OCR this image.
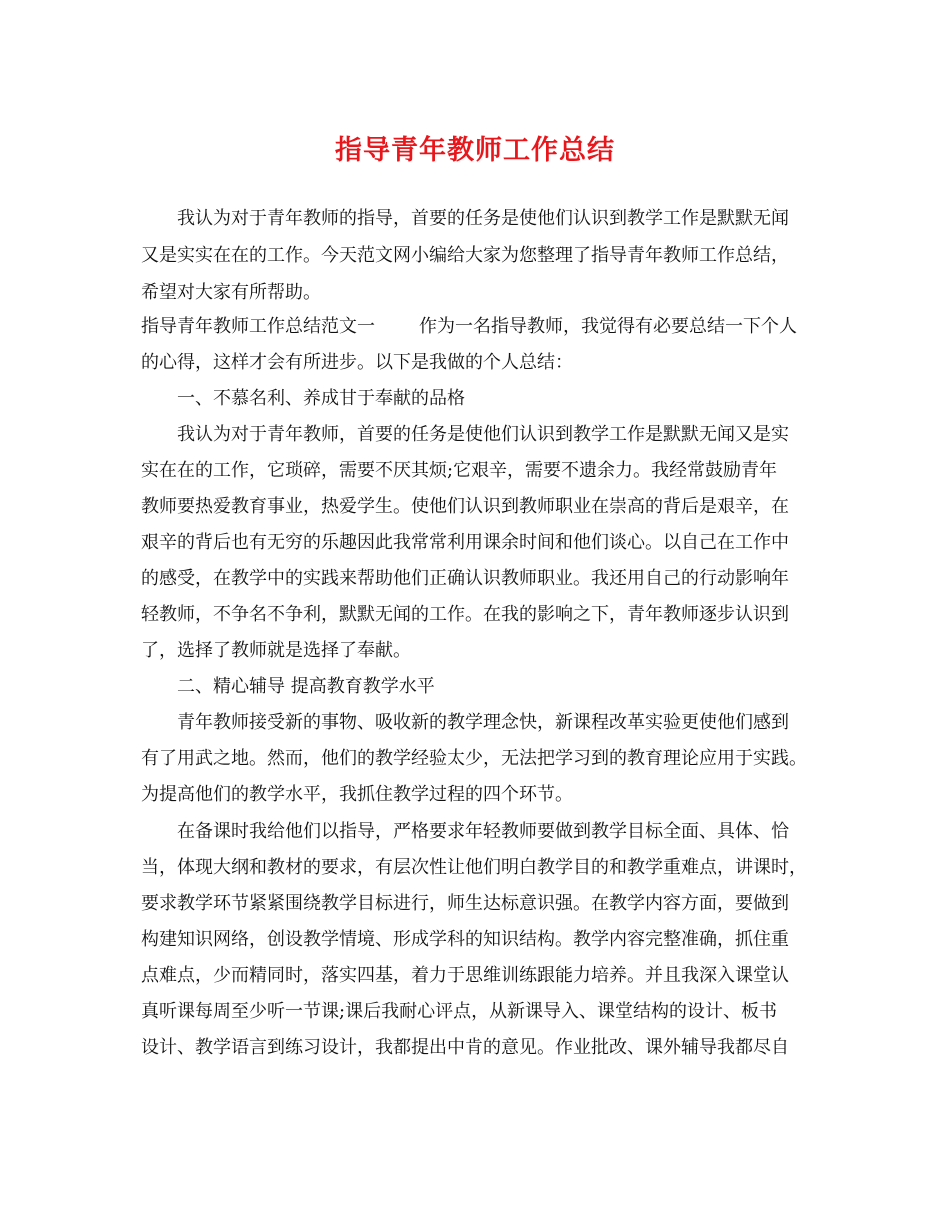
指导青年教师工作总结
我认为对于青年教师的指导，首要的任务是使他们认识到教学工作是默默无闻
又是实实在在的工作。今天范文网小编给大家为您整理了指导青年教师工作总结，
希望对大家有所帮助。
指导青年教师工作总结范文一 作为一名指导教师，我觉得有必要总结一下个人
的心得，这样才会有所进步。以下是我做的个人总结：
一、不慕名利、养成甘于奉献的品格
我认为对于青年教师，首要的任务是使他们认识到教学工作是默默无闻又是实
实在在的工作，它琐碎，需要不厌其烦;它艰辛，需要不遗余力。我经常鼓励青年
教师要热爱教育事业，热爱学生。使他们认识到教师职业在崇高的背后是艰辛，在
艰辛的背后也有无穷的乐趣因此我常常利用课余时间和他们谈心。以自己在工作中
的感受，在教学中的实践来帮助他们正确认识教师职业。我还用自己的行动影响年
轻教师，不争名不争利，默默无闻的工作。在我的影响之下，青年教师逐步认识到
了，选择了教师就是选择了奉献。
二、精心辅导 提高教育教学水平
青年教师接受新的事物、吸收新的教学理念快，新课程改革实验更使他们感到
有了用武之地。然而，他们的教学经验太少，无法把学习到的教育理论应用于实践。
为提高他们的教学水平，我抓住教学过程的四个环节。
在备课时我给他们以指导，严格要求年轻教师要做到教学目标全面、具体、恰
当，体现大纲和教材的要求，有层次性让他们明白教学目的和教学重难点，讲课时，
要求教学环节紧紧围绕教学目标进行，师生达标意识强。在教学内容方面，要做到
构建知识网络，创设教学情境、形成学科的知识结构。教学内容完整准确，抓住重
点难点，少而精同时，落实四基，着力于思维训练跟能力培养。并且我深入课堂认
真听课每周至少听一节课;课后我耐心评点，从新课导入、课堂结构的设计、板书
设计、教学语言到练习设计，我都提出中肯的意见。作业批改、课外辅导我都尽自
